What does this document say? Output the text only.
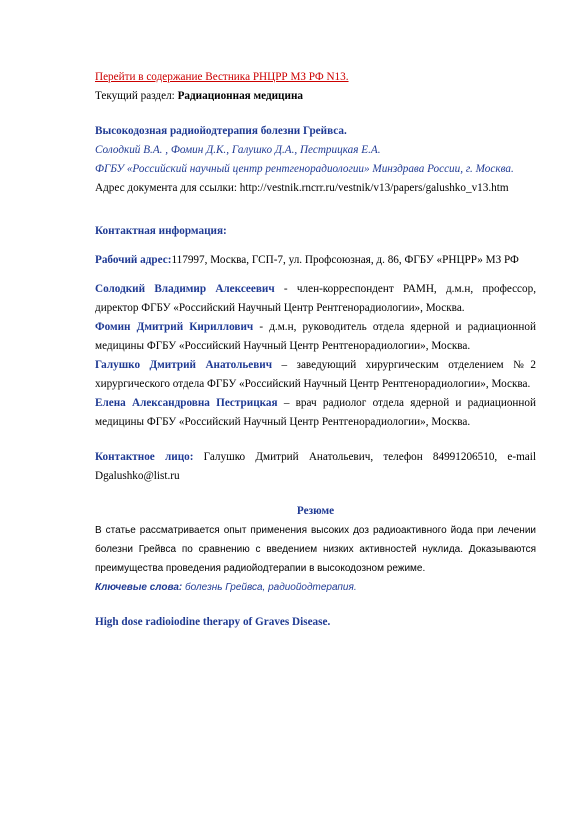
Перейти в содержание Вестника РНЦРР МЗ РФ N13.

Текущий раздел: Радиационная медицина

Высокодозная радиойодтерапия болезни Грейвса.

Солодкий В.А. , Фомин Д.К., Галушко Д.А., Пестрицкая Е.А.

ФГБУ «Российский научный центр рентгенорадиологии» Минздрава России, г. Москва.

Адрес документа для ссылки: http://vestnik.rncrr.ru/vestnik/v13/papers/galushko_v13.htm

Контактная информация:

Рабочий адрес:117997, Москва, ГСП-7, ул. Профсоюзная, д. 86, ФГБУ «РНЦРР» МЗ РФ

Солодкий Владимир Алексеевич - член-корреспондент РАМН, д.м.н, профессор, директор ФГБУ «Российский Научный Центр Рентгенорадиологии», Москва.

Фомин Дмитрий Кириллович - д.м.н, руководитель отдела ядерной и радиационной медицины ФГБУ «Российский Научный Центр Рентгенорадиологии», Москва.

Галушко Дмитрий Анатольевич – заведующий хирургическим отделением №2 хирургического отдела ФГБУ «Российский Научный Центр Рентгенорадиологии», Москва.

Елена Александровна Пестрицкая – врач радиолог отдела ядерной и радиационной медицины ФГБУ «Российский Научный Центр Рентгенорадиологии», Москва.

Контактное лицо: Галушко Дмитрий Анатольевич, телефон 84991206510, e-mail Dgalushko@list.ru

Резюме

В статье рассматривается опыт применения высоких доз радиоактивного йода при лечении болезни Грейвса по сравнению с введением низких активностей нуклида. Доказываются преимущества проведения радиойодтерапии в высокодозном режиме.

Ключевые слова: болезнь Грейвса, радиойодтерапия.

High dose radioiodine therapy of Graves Disease.
